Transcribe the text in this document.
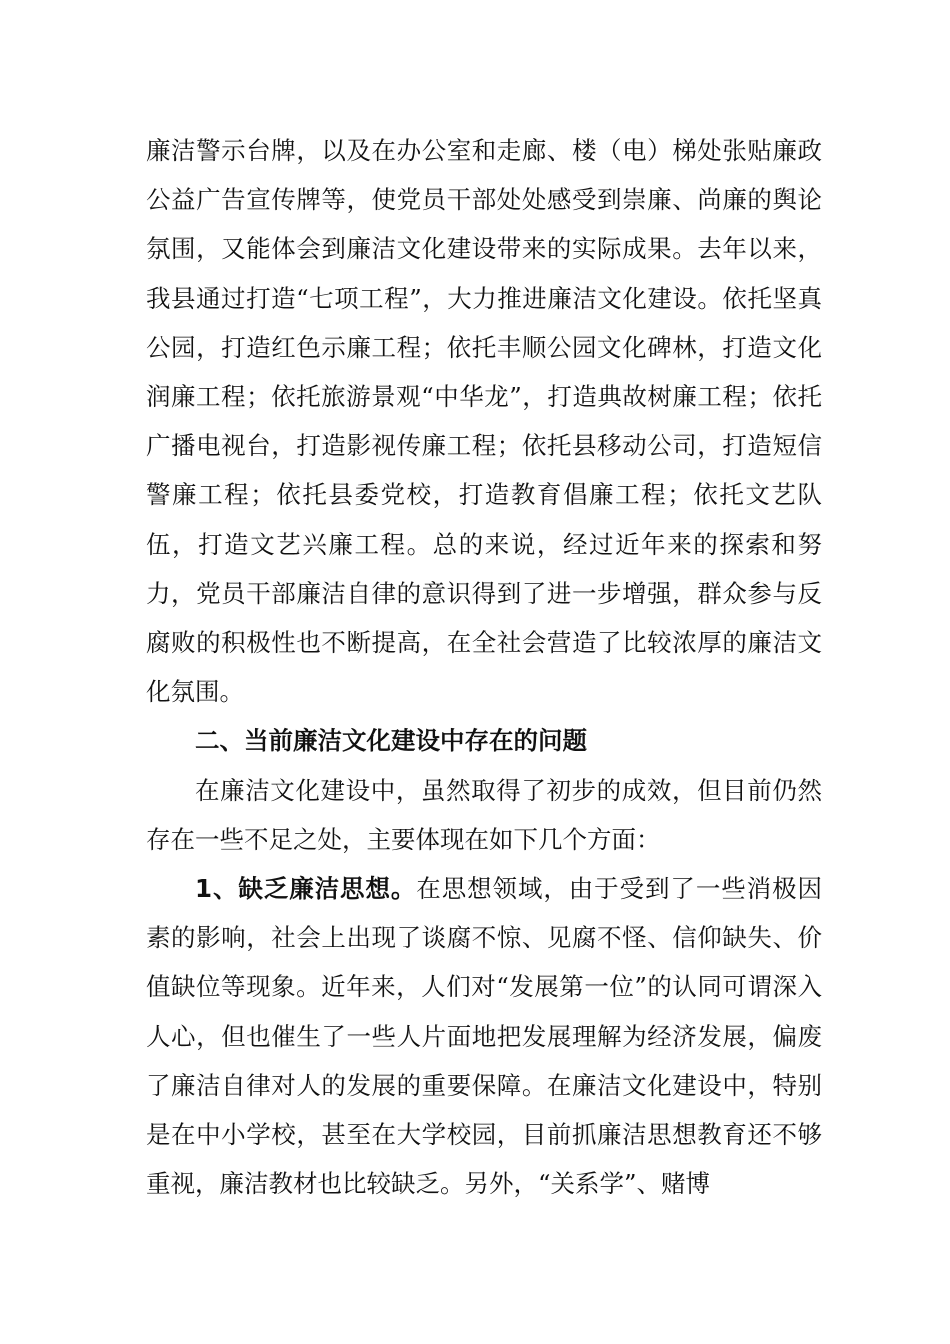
廉洁警示台牌，以及在办公室和走廊、楼（电）梯处张贴廉政公益广告宣传牌等，使党员干部处处感受到崇廉、尚廉的舆论氛围，又能体会到廉洁文化建设带来的实际成果。去年以来，我县通过打造“七项工程”，大力推进廉洁文化建设。依托坚真公园，打造红色示廉工程；依托丰顺公园文化碑林，打造文化润廉工程；依托旅游景观“中华龙”，打造典故树廉工程；依托广播电视台，打造影视传廉工程；依托县移动公司，打造短信警廉工程；依托县委党校，打造教育倡廉工程；依托文艺队伍，打造文艺兴廉工程。总的来说，经过近年来的探索和努力，党员干部廉洁自律的意识得到了进一步增强，群众参与反腐败的积极性也不断提高，在全社会营造了比较浓厚的廉洁文化氛围。

二、当前廉洁文化建设中存在的问题

在廉洁文化建设中，虽然取得了初步的成效，但目前仍然存在一些不足之处，主要体现在如下几个方面：

1、缺乏廉洁思想。在思想领域，由于受到了一些消极因素的影响，社会上出现了谈腐不惊、见腐不怪、信仰缺失、价值缺位等现象。近年来，人们对“发展第一位”的认同可谓深入人心，但也催生了一些人片面地把发展理解为经济发展，偏废了廉洁自律对人的发展的重要保障。在廉洁文化建设中，特别是在中小学校，甚至在大学校园，目前抓廉洁思想教育还不够重视，廉洁教材也比较缺乏。另外，“关系学”、赌博
